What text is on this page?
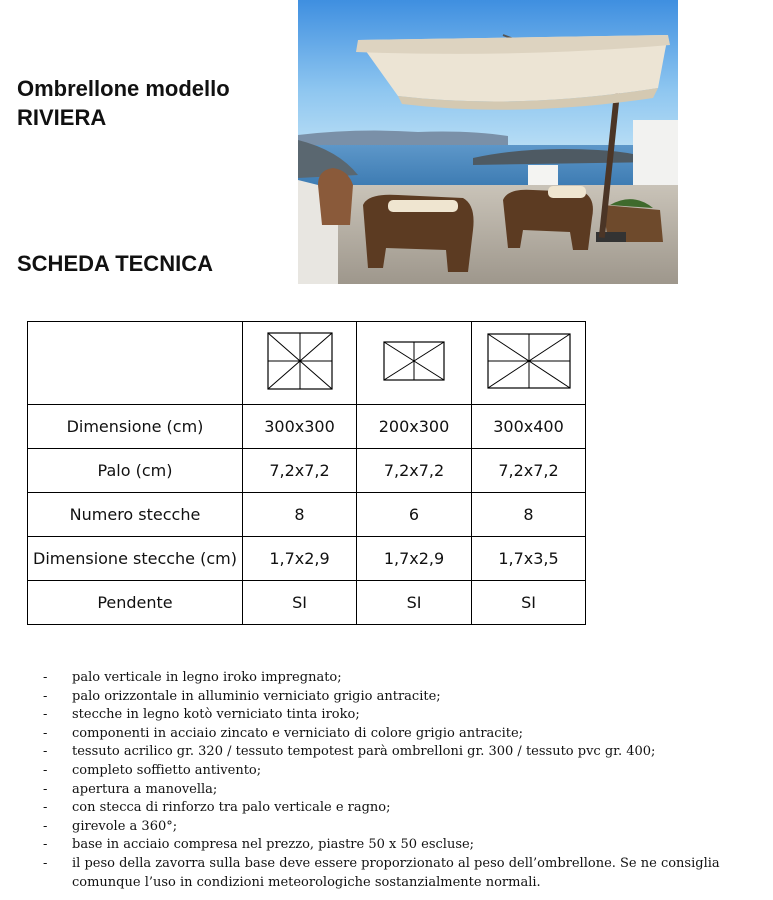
Ombrellone modello
RIVIERA
SCHEDA TECNICA

Dimensione (cm)	300x300	200x300	300x400
Palo (cm)	7,2x7,2	7,2x7,2	7,2x7,2
Numero stecche	8	6	8
Dimensione stecche (cm)	1,7x2,9	1,7x2,9	1,7x3,5
Pendente	SI	SI	SI
- palo verticale in legno iroko impregnato;
- palo orizzontale in alluminio verniciato grigio antracite;
- stecche in legno kotò verniciato tinta iroko;
- componenti in acciaio zincato e verniciato di colore grigio antracite;
- tessuto acrilico gr. 320 / tessuto tempotest parà ombrelloni gr. 300 / tessuto pvc gr. 400;
- completo soffietto antivento;
- apertura a manovella;
- con stecca di rinforzo tra palo verticale e ragno;
- girevole a 360°;
- base in acciaio compresa nel prezzo, piastre 50 x 50 escluse;
- il peso della zavorra sulla base deve essere proporzionato al peso dell’ombrellone. Se ne consiglia comunque l’uso in condizioni meteorologiche sostanzialmente normali.
